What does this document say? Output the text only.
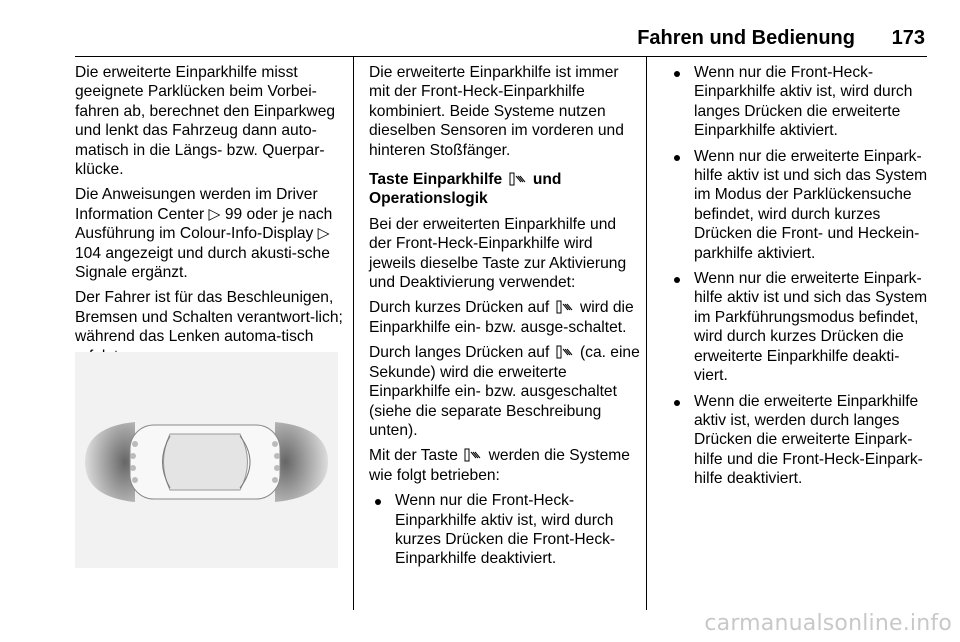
Fahren und Bedienung 173

Die erweiterte Einparkhilfe misst geeignete Parklücken beim Vorbei-fahren ab, berechnet den Einparkweg und lenkt das Fahrzeug dann auto-matisch in die Längs- bzw. Querpar-klücke.

Die Anweisungen werden im Driver Information Center ▷ 99 oder je nach Ausführung im Colour-Info-Display ▷ 104 angezeigt und durch akusti-sche Signale ergänzt.

Der Fahrer ist für das Beschleunigen, Bremsen und Schalten verantwort-lich; während das Lenken automa-tisch

Die erweiterte Einparkhilfe ist immer mit der Front-Heck-Einparkhilfe kombiniert. Beide Systeme nutzen dieselben Sensoren im vorderen und hinteren Stoßfänger.

Taste Einparkhilfe  und Operationslogik

Bei der erweiterten Einparkhilfe und der Front-Heck-Einparkhilfe wird jeweils dieselbe Taste zur Aktivierung und Deaktivierung verwendet:

Durch kurzes Drücken auf  wird die Einparkhilfe ein- bzw. ausge-schaltet.

Durch langes Drücken auf  (ca. eine Sekunde) wird die erweiterte Einparkhilfe ein- bzw. ausgeschaltet (siehe die separate Beschreibung unten).

Mit der Taste  werden die Systeme wie folgt betrieben:

Wenn nur die Front-Heck-Einparkhilfe aktiv ist, wird durch kurzes Drücken die Front-Heck-Einparkhilfe deaktiviert.
Wenn nur die Front-Heck-Einparkhilfe aktiv ist, wird durch langes Drücken die erweiterte Einparkhilfe aktiviert.
Wenn nur die erweiterte Einpark-hilfe aktiv ist und sich das System im Modus der Parklückensuche befindet, wird durch kurzes Drücken die Front- und Heckein-parkhilfe aktiviert.
Wenn nur die erweiterte Einpark-hilfe aktiv ist und sich das System im Parkführungsmodus befindet, wird durch kurzes Drücken die erweiterte Einparkhilfe deakti-viert.
Wenn die erweiterte Einparkhilfe aktiv ist, werden durch langes Drücken die erweiterte Einpark-hilfe und die Front-Heck-Einpark-hilfe deaktiviert.
carmanualsonline.info
